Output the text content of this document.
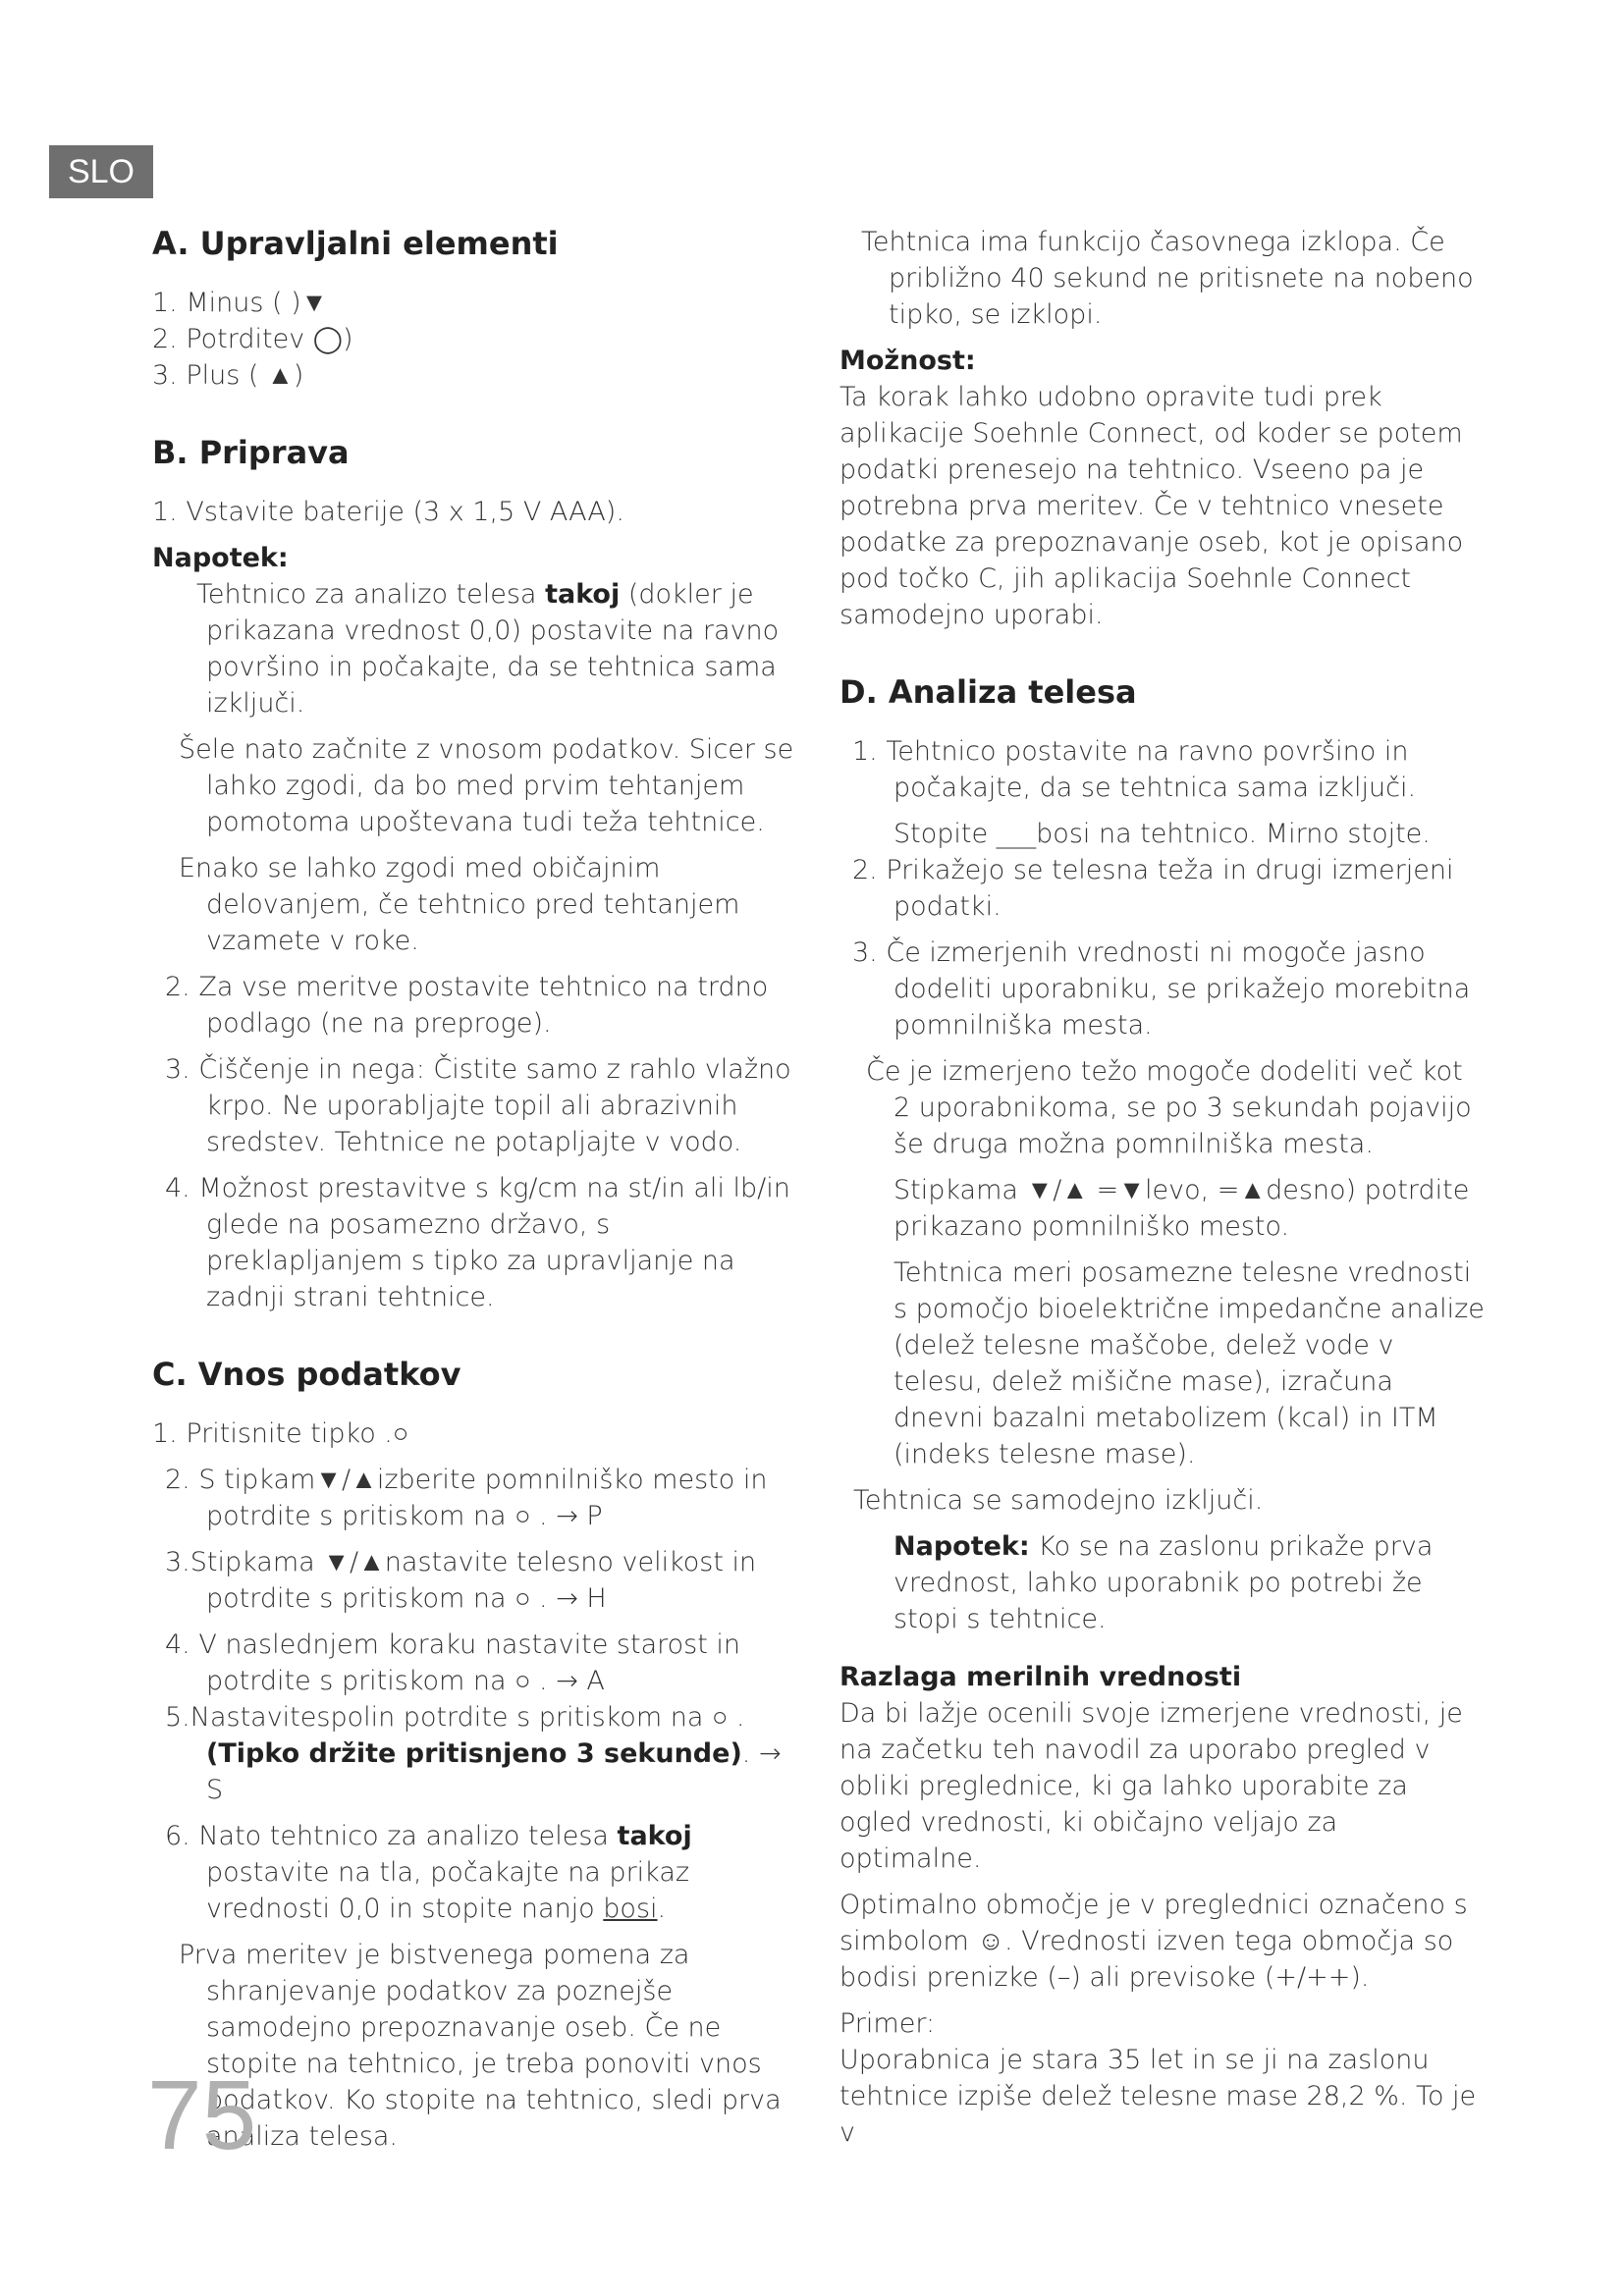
SLO
A. Upravljalni elementi

1. Minus ( )▼

2. Potrditev ◯)

3. Plus ( ▲)

B. Priprava

1. Vstavite baterije (3 x 1,5 V AAA).

Napotek:

Tehtnico za analizo telesa takoj (dokler je prikazana vrednost 0,0) postavite na ravno površino in počakajte, da se tehtnica sama izklјuči.

Šele nato začnite z vnosom podatkov. Sicer se lahko zgodi, da bo med prvim tehtanjem pomotoma upoštevana tudi teža tehtnice.

Enako se lahko zgodi med običajnim delovanjem, če tehtnico pred tehtanjem vzamete v roke.

2. Za vse meritve postavite tehtnico na trdno podlago (ne na preproge).

3. Čiščenje in nega: Čistite samo z rahlo vlažno krpo. Ne uporabljajte topil ali abrazivnih sredstev. Tehtnice ne potapljajte v vodo.

4. Možnost prestavitve s kg/cm na st/in ali lb/in glede na posamezno državo, s preklapljanjem s tipko za upravljanje na zadnji strani tehtnice.

C. Vnos podatkov

1. Pritisnite tipko .○

2. S tipkam▼/▲izberite pomnilniško mesto in potrdite s pritiskom na ○ . → P

3.Stipkama ▼/▲nastavite telesno velikost in potrdite s pritiskom na ○ . → H

4. V naslednjem koraku nastavite starost in potrdite s pritiskom na ○ . → A

5.Nastavitespolin potrdite s pritiskom na ○ . (Tipko držite pritisnjeno 3 sekunde). → S

6. Nato tehtnico za analizo telesa takoj postavite na tla, počakajte na prikaz vrednosti 0,0 in stopite nanjo bosi.

Prva meritev je bistvenega pomena za shranjevanje podatkov za poznejše samodejno prepoznavanje oseb. Če ne stopite na tehtnico, je treba ponoviti vnos podatkov. Ko stopite na tehtnico, sledi prva analiza telesa.

Tehtnica ima funkcijo časovnega izklopa. Če približno 40 sekund ne pritisnete na nobeno tipko, se izklopi.

Možnost:

Ta korak lahko udobno opravite tudi prek aplikacije Soehnle Connect, od koder se potem podatki prenesejo na tehtnico. Vseeno pa je potrebna prva meritev. Če v tehtnico vnesete podatke za prepoznavanje oseb, kot je opisano pod točko C, jih aplikacija Soehnle Connect samodejno uporabi.

D. Analiza telesa

1. Tehtnico postavite na ravno površino in počakajte, da se tehtnica sama izklјuči.

Stopite ___bosi na tehtnico. Mirno stojte.

2. Prikažejo se telesna teža in drugi izmerjeni podatki.

3. Če izmerjenih vrednosti ni mogoče jasno dodeliti uporabniku, se prikažejo morebitna pomnilniška mesta.

Če je izmerjeno težo mogoče dodeliti več kot 2 uporabnikoma, se po 3 sekundah pojavijo še druga možna pomnilniška mesta.

Stipkama ▼/▲ =▼levo, =▲desno) potrdite prikazano pomnilniško mesto.

Tehtnica meri posamezne telesne vrednosti s pomočjo bioelektrične impedančne analize (delež telesne maščobe, delež vode v telesu, delež mišične mase), izračuna dnevni bazalni metabolizem (kcal) in ITM (indeks telesne mase).

Tehtnica se samodejno izklјuči.

Napotek: Ko se na zaslonu prikaže prva vrednost, lahko uporabnik po potrebi že stopi s tehtnice.

Razlaga merilnih vrednosti

Da bi lažje ocenili svoje izmerjene vrednosti, je na začetku teh navodil za uporabo pregled v obliki preglednice, ki ga lahko uporabite za ogled vrednosti, ki običajno veljajo za optimalne.

Optimalno območje je v preglednici označeno s simbolom ☺. Vrednosti izven tega območja so bodisi prenizke (–) ali previsoke (+/++).

Primer:

Uporabnica je stara 35 let in se ji na zaslonu tehtnice izpiše delež telesne mase 28,2 %. To je v

75
